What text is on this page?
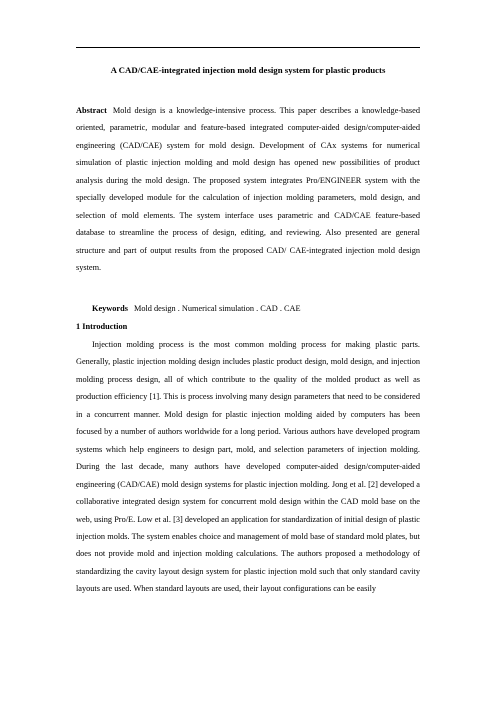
A CAD/CAE-integrated injection mold design system for plastic products
Abstract Mold design is a knowledge-intensive process. This paper describes a knowledge-based oriented, parametric, modular and feature-based integrated computer-aided design/computer-aided engineering (CAD/CAE) system for mold design. Development of CAx systems for numerical simulation of plastic injection molding and mold design has opened new possibilities of product analysis during the mold design. The proposed system integrates Pro/ENGINEER system with the specially developed module for the calculation of injection molding parameters, mold design, and selection of mold elements. The system interface uses parametric and CAD/CAE feature-based database to streamline the process of design, editing, and reviewing. Also presented are general structure and part of output results from the proposed CAD/ CAE-integrated injection mold design system.
Keywords Mold design . Numerical simulation . CAD . CAE
1 Introduction
Injection molding process is the most common molding process for making plastic parts. Generally, plastic injection molding design includes plastic product design, mold design, and injection molding process design, all of which contribute to the quality of the molded product as well as production efficiency [1]. This is process involving many design parameters that need to be considered in a concurrent manner. Mold design for plastic injection molding aided by computers has been focused by a number of authors worldwide for a long period. Various authors have developed program systems which help engineers to design part, mold, and selection parameters of injection molding. During the last decade, many authors have developed computer-aided design/computer-aided engineering (CAD/CAE) mold design systems for plastic injection molding. Jong et al. [2] developed a collaborative integrated design system for concurrent mold design within the CAD mold base on the web, using Pro/E. Low et al. [3] developed an application for standardization of initial design of plastic injection molds. The system enables choice and management of mold base of standard mold plates, but does not provide mold and injection molding calculations. The authors proposed a methodology of standardizing the cavity layout design system for plastic injection mold such that only standard cavity layouts are used. When standard layouts are used, their layout configurations can be easily
